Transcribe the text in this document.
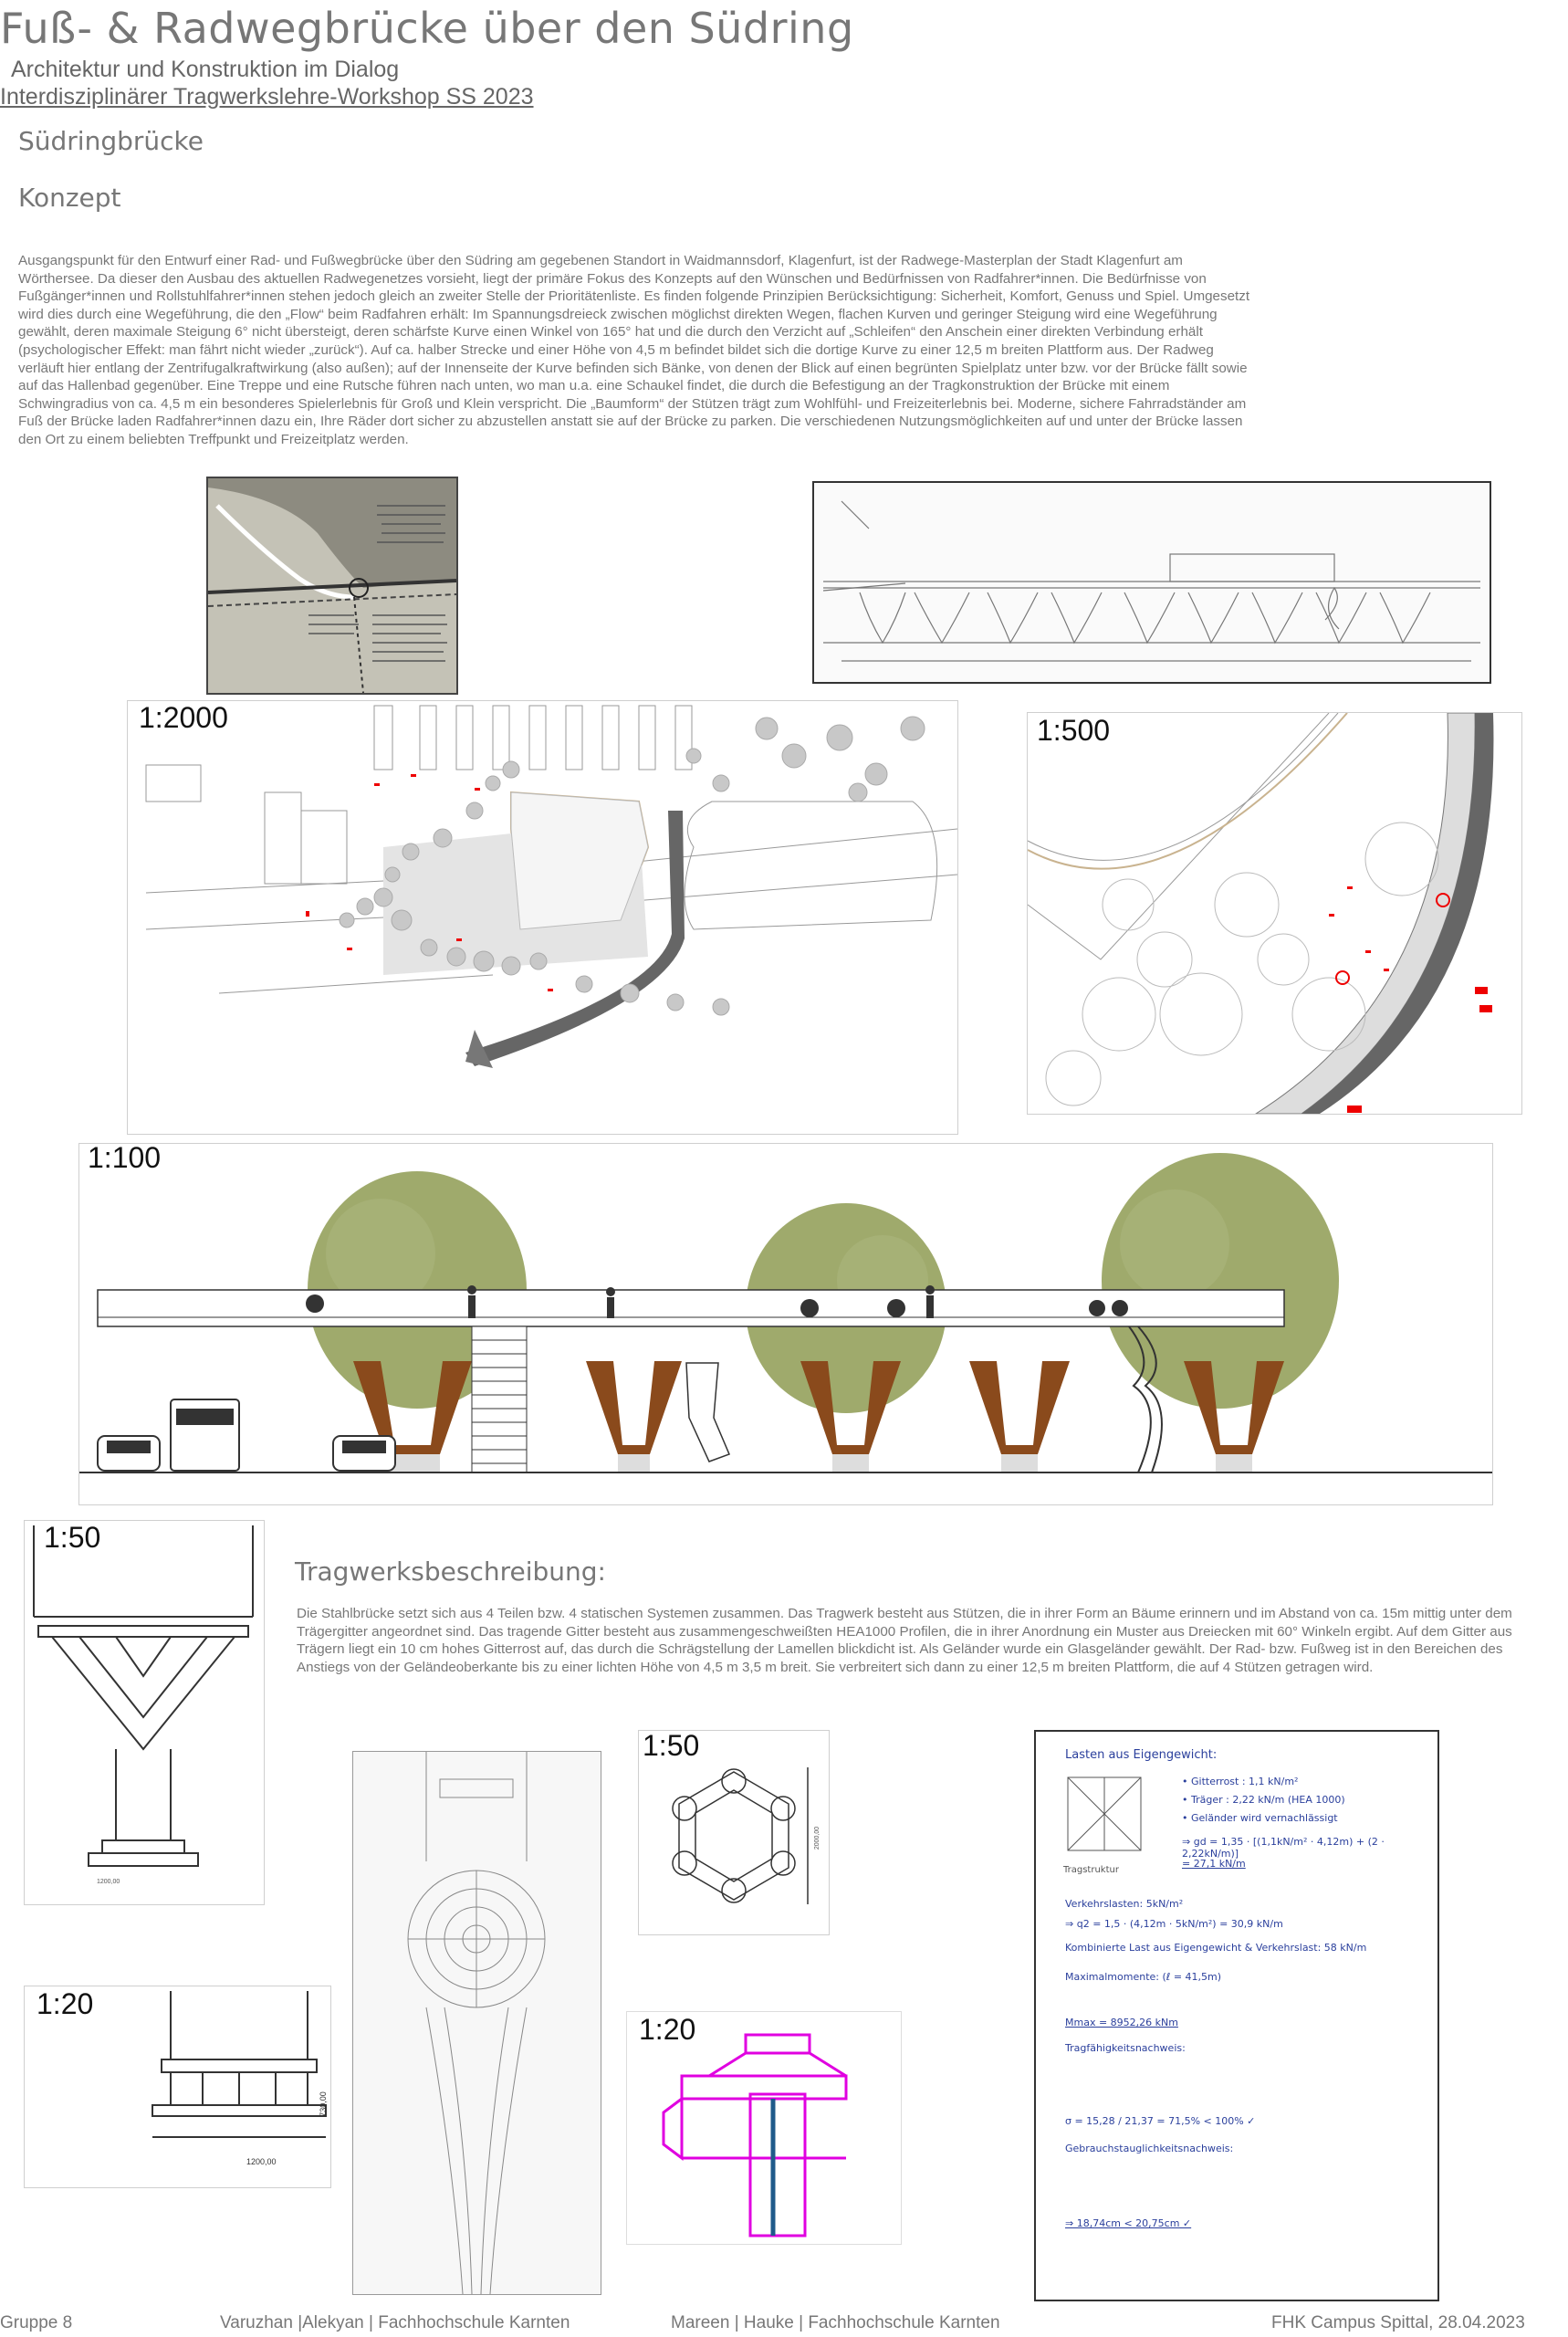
Fuß- & Radwegbrücke über den Südring
Architektur und Konstruktion im Dialog
Interdisziplinärer Tragwerkslehre-Workshop SS 2023
Südringbrücke
Konzept
Ausgangspunkt für den Entwurf einer Rad- und Fußwegbrücke über den Südring am gegebenen Standort in Waidmannsdorf, Klagenfurt, ist der Radwege-Masterplan der Stadt Klagenfurt am Wörthersee. Da dieser den Ausbau des aktuellen Radwegenetzes vorsieht, liegt der primäre Fokus des Konzepts auf den Wünschen und Bedürfnissen von Radfahrer*innen. Die Bedürfnisse von Fußgänger*innen und Rollstuhlfahrer*innen stehen jedoch gleich an zweiter Stelle der Prioritätenliste. Es finden folgende Prinzipien Berücksichtigung: Sicherheit, Komfort, Genuss und Spiel. Umgesetzt wird dies durch eine Wegeführung, die den „Flow“ beim Radfahren erhält: Im Spannungsdreieck zwischen möglichst direkten Wegen, flachen Kurven und geringer Steigung wird eine Wegeführung gewählt, deren maximale Steigung 6° nicht übersteigt, deren schärfste Kurve einen Winkel von 165° hat und die durch den Verzicht auf „Schleifen“ den Anschein einer direkten Verbindung erhält (psychologischer Effekt: man fährt nicht wieder „zurück“). Auf ca. halber Strecke und einer Höhe von 4,5 m befindet bildet sich die dortige Kurve zu einer 12,5 m breiten Plattform aus. Der Radweg verläuft hier entlang der Zentrifugalkraftwirkung (also außen); auf der Innenseite der Kurve befinden sich Bänke, von denen der Blick auf einen begrünten Spielplatz unter bzw. vor der Brücke fällt sowie auf das Hallenbad gegenüber. Eine Treppe und eine Rutsche führen nach unten, wo man u.a. eine Schaukel findet, die durch die Befestigung an der Tragkonstruktion der Brücke mit einem Schwingradius von ca. 4,5 m ein besonderes Spielerlebnis für Groß und Klein verspricht. Die „Baumform“ der Stützen trägt zum Wohlfühl- und Freizeiterlebnis bei. Moderne, sichere Fahrradständer am Fuß der Brücke laden Radfahrer*innen dazu ein, Ihre Räder dort sicher zu abzustellen anstatt sie auf der Brücke zu parken. Die verschiedenen Nutzungsmöglichkeiten auf und unter der Brücke lassen den Ort zu einem beliebten Treffpunkt und Freizeitplatz werden.
1:2000	1:500
1:100
1:50
1200,00
Tragwerksbeschreibung:
Die Stahlbrücke setzt sich aus 4 Teilen bzw. 4 statischen Systemen zusammen. Das Tragwerk besteht aus Stützen, die in ihrer Form an Bäume erinnern und im Abstand von ca. 15m mittig unter dem Trägergitter angeordnet sind. Das tragende Gitter besteht aus zusammengeschweißten HEA1000 Profilen, die in ihrer Anordnung ein Muster aus Dreiecken mit 60° Winkeln ergibt. Auf dem Gitter aus Trägern liegt ein 10 cm hohes Gitterrost auf, das durch die Schrägstellung der Lamellen blickdicht ist. Als Geländer wurde ein Glasgeländer gewählt. Der Rad- bzw. Fußweg ist in den Bereichen des Anstiegs von der Geländeoberkante bis zu einer lichten Höhe von 4,5 m 3,5 m breit. Sie verbreitert sich dann zu einer 12,5 m breiten Plattform, die auf 4 Stützen getragen wird.
1:50
2000,00
1:20
1200,00
730,00
1:20
Lasten aus Eigengewicht:
Tragstruktur
• Gitterrost : 1,1 kN/m²
• Träger : 2,22 kN/m (HEA 1000)
• Geländer wird vernachlässigt
⇒ gd = 1,35 · [(1,1kN/m² · 4,12m) + (2 · 2,22kN/m)]
= 27,1 kN/m
Verkehrslasten: 5kN/m²
⇒ q2 = 1,5 · (4,12m · 5kN/m²) = 30,9 kN/m
Kombinierte Last aus Eigengewicht & Verkehrslast: 58 kN/m
Maximalmomente: (ℓ = 41,5m)
Mmax = 8952,26 kNm
Tragfähigkeitsnachweis:
σ = 15,28 / 21,37 = 71,5% < 100% ✓
Gebrauchstauglichkeitsnachweis:
⇒ 18,74cm < 20,75cm ✓
Gruppe 8	Varuzhan |Alekyan | Fachhochschule Karnten	Mareen | Hauke | Fachhochschule Karnten	FHK Campus Spittal, 28.04.2023
